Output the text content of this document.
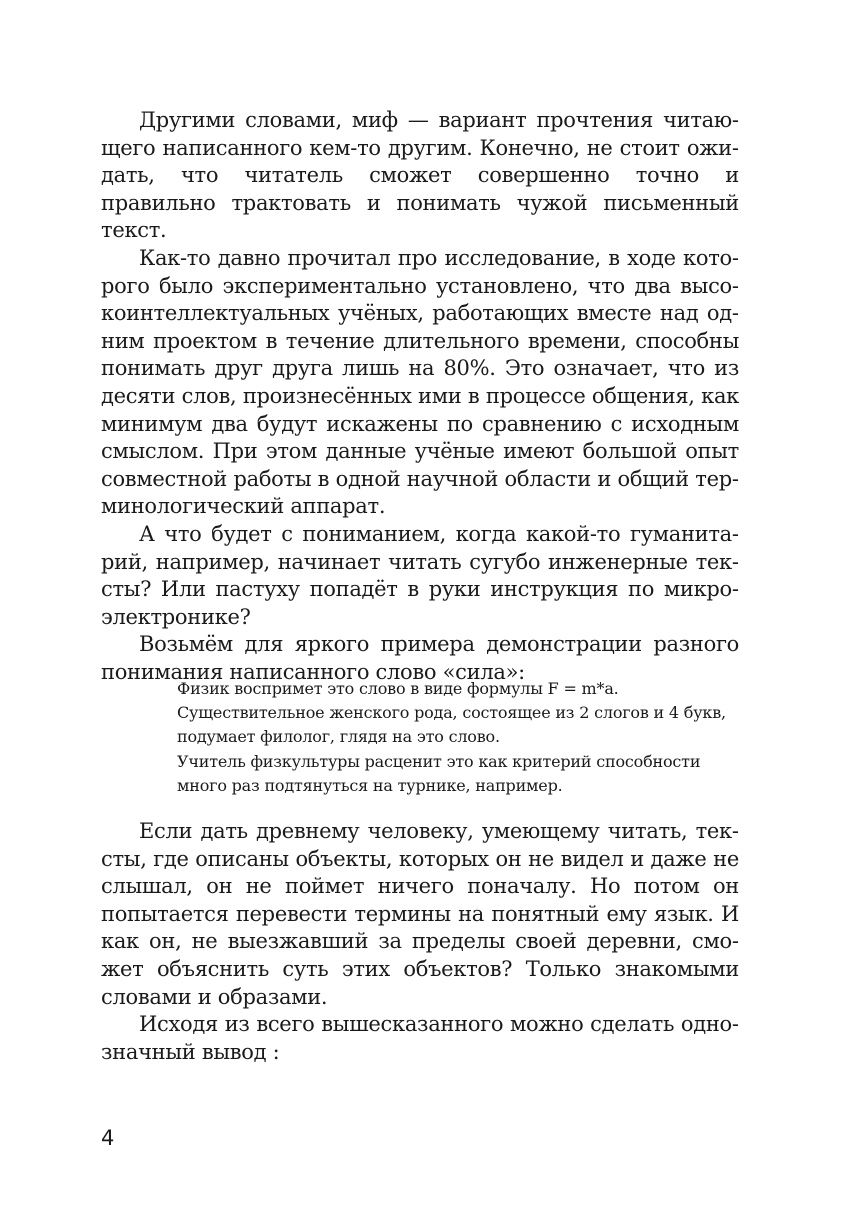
Другими словами, миф — вариант прочтения читающего написанного кем-то другим. Конечно, не стоит ожидать, что читатель сможет совершенно точно и правильно трактовать и понимать чужой письменный текст.

Как-то давно прочитал про исследование, в ходе которого было экспериментально установлено, что два высокоинтеллектуальных учёных, работающих вместе над одним проектом в течение длительного времени, способны понимать друг друга лишь на 80%. Это означает, что из десяти слов, произнесённых ими в процессе общения, как минимум два будут искажены по сравнению с исходным смыслом. При этом данные учёные имеют большой опыт совместной работы в одной научной области и общий терминологический аппарат.

А что будет с пониманием, когда какой-то гуманитарий, например, начинает читать сугубо инженерные тексты? Или пастуху попадёт в руки инструкция по микроэлектронике?

Возьмём для яркого примера демонстрации разного понимания написанного слово «сила»:

Физик воспримет это слово в виде формулы F = m*a.

Существительное женского рода, состоящее из 2 слогов и 4 букв, подумает филолог, глядя на это слово.

Учитель физкультуры расценит это как критерий способности много раз подтянуться на турнике, например.

Если дать древнему человеку, умеющему читать, тексты, где описаны объекты, которых он не видел и даже не слышал, он не поймет ничего поначалу. Но потом он попытается перевести термины на понятный ему язык. И как он, не выезжавший за пределы своей деревни, сможет объяснить суть этих объектов? Только знакомыми словами и образами.

Исходя из всего вышесказанного можно сделать однозначный вывод :

4
